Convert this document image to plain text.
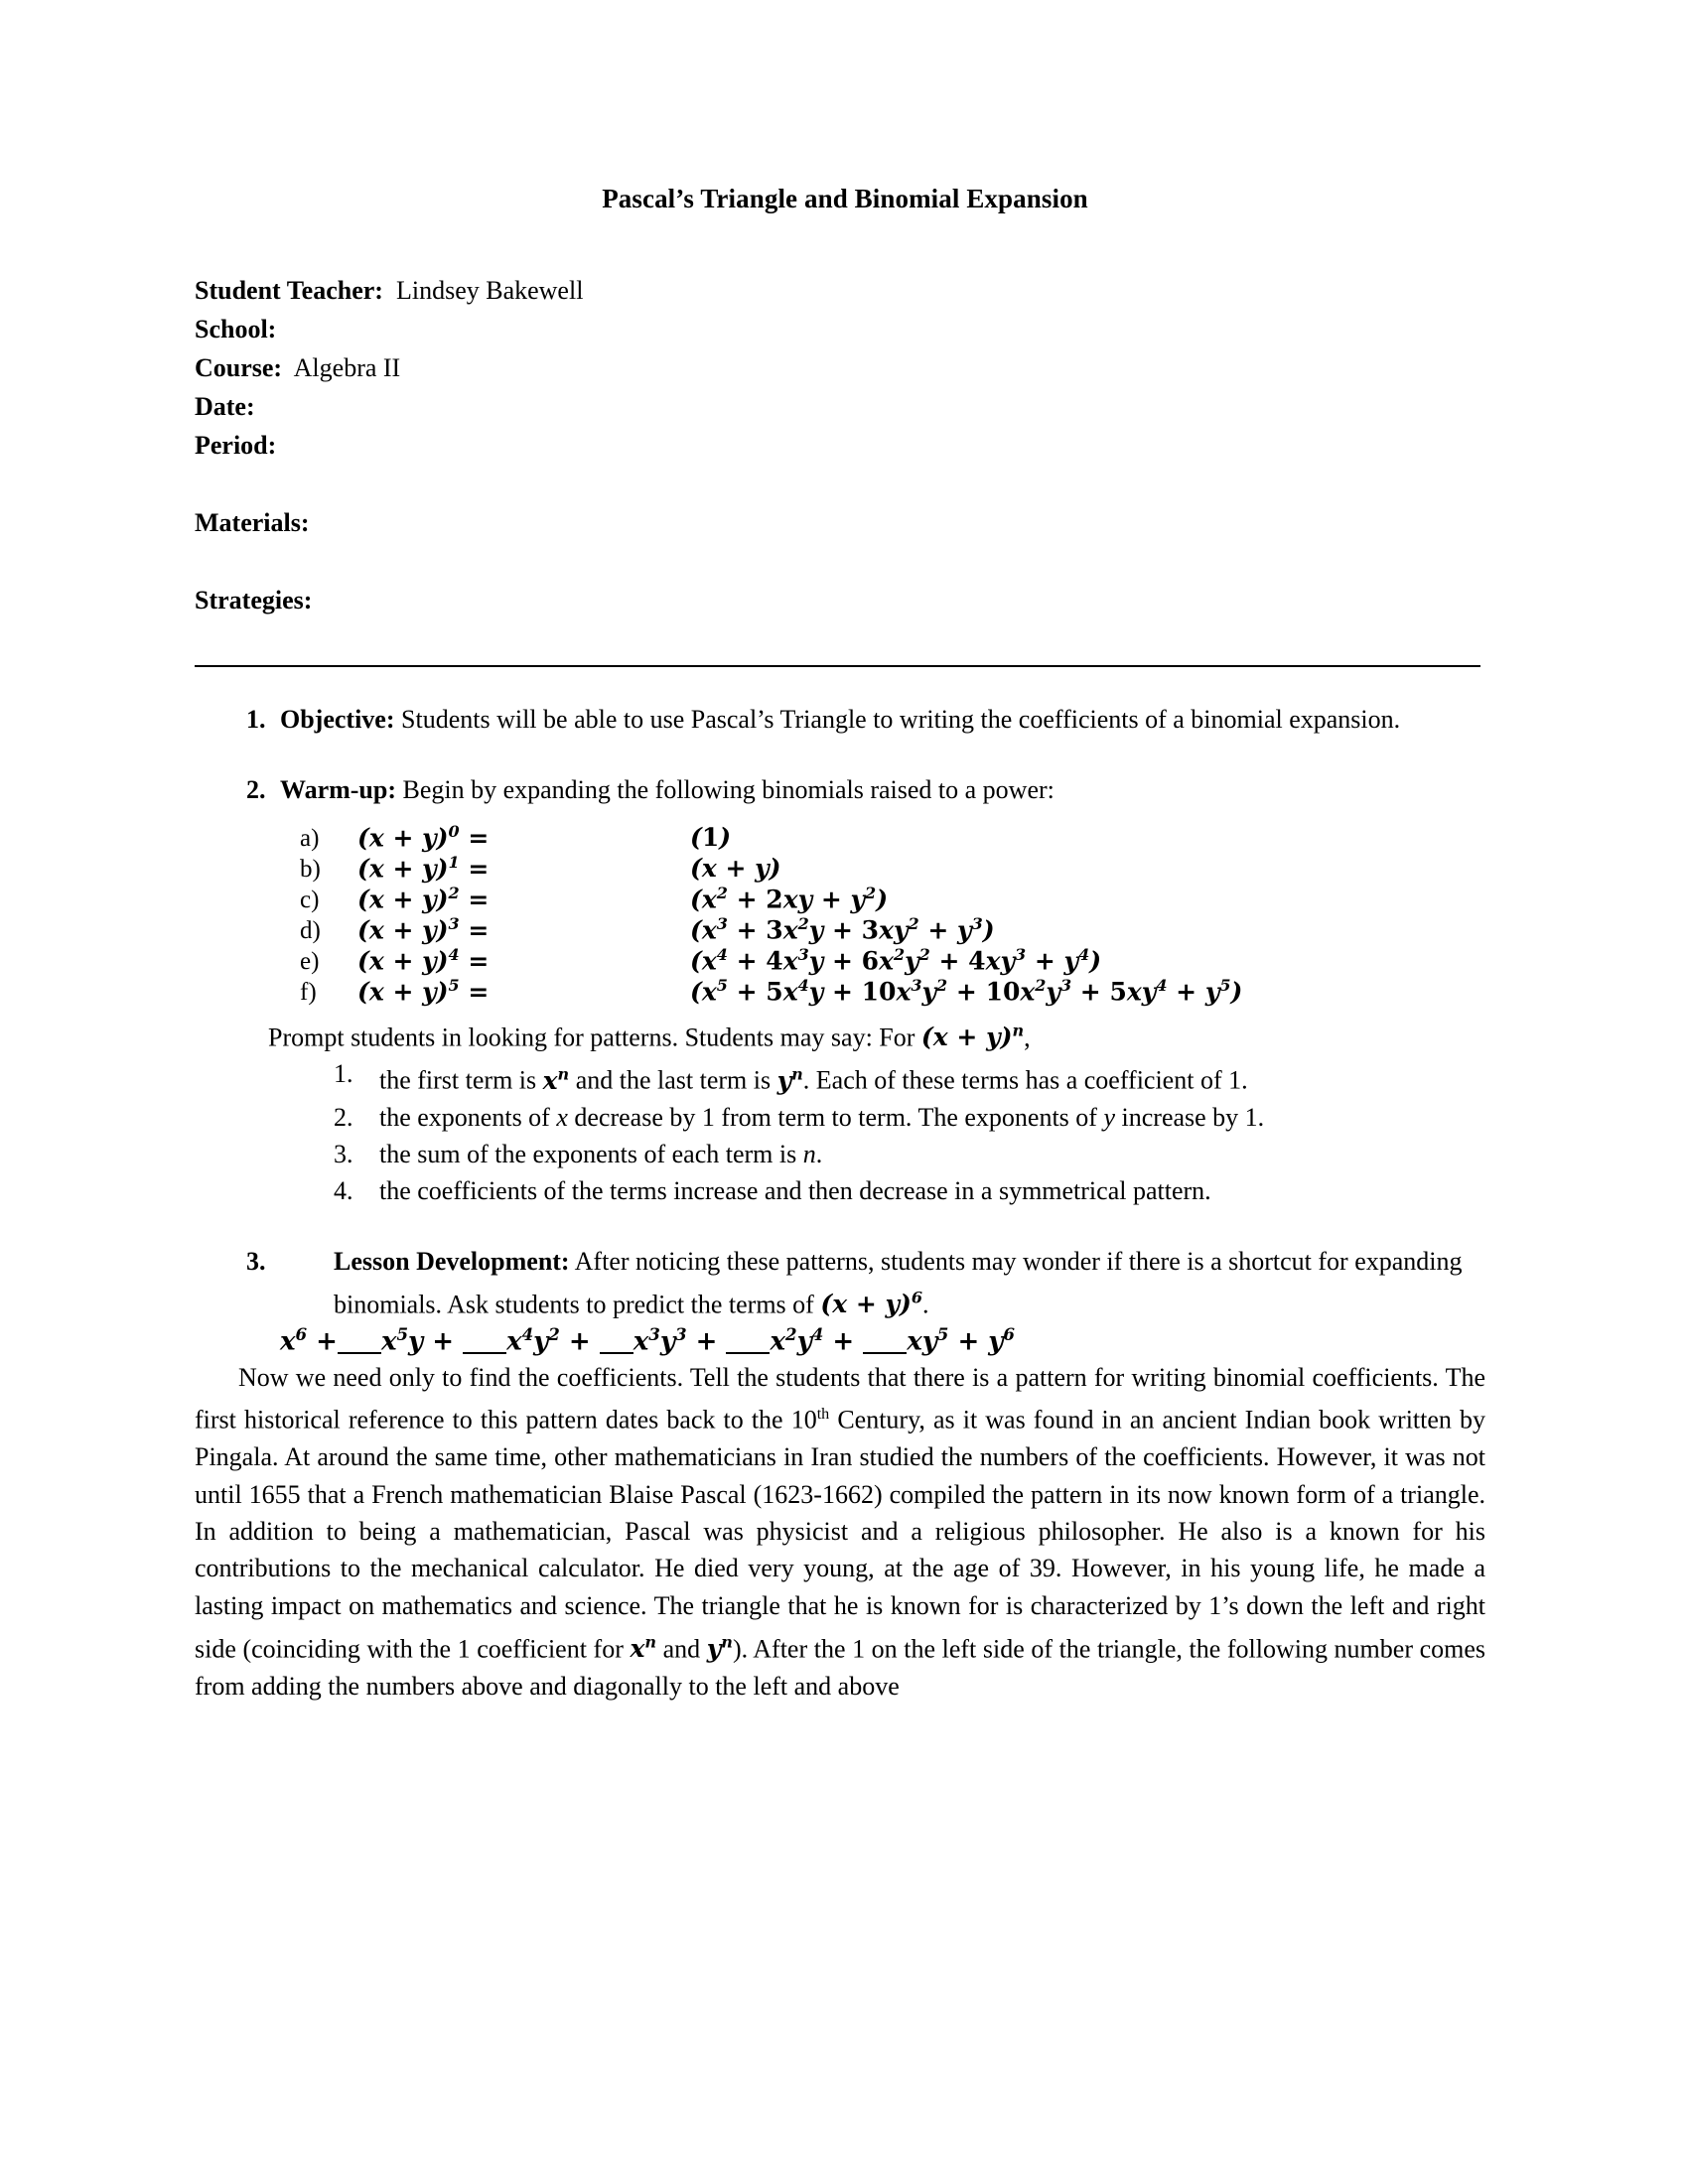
Pascal’s Triangle and Binomial Expansion
Student Teacher:  Lindsey Bakewell
School:
Course:  Algebra II
Date:
Period:
Materials:
Strategies:
1. Objective: Students will be able to use Pascal’s Triangle to writing the coefficients of a binomial expansion.
2. Warm-up: Begin by expanding the following binomials raised to a power:
a)	$(x + y)^0$ =	(1)
b)	$(x + y)^1$ =	(x + y)
c)	$(x + y)^2$ =	$(x^2 + 2xy + y^2)$
d)	$(x + y)^3$ =	$(x^3 + 3x^2y + 3xy^2 + y^3)$
e)	$(x + y)^4$ =	$(x^4 + 4x^3y + 6x^2y^2 + 4xy^3 + y^4)$
f)	$(x + y)^5$ =	$(x^5 + 5x^4y + 10x^3y^2 + 10x^2y^3 + 5xy^4 + y^5)$
Prompt students in looking for patterns. Students may say: For $(x + y)^n$,
1. the first term is $x^n$ and the last term is $y^n$. Each of these terms has a coefficient of 1.
2. the exponents of x decrease by 1 from term to term. The exponents of y increase by 1.
3. the sum of the exponents of each term is n.
4. the coefficients of the terms increase and then decrease in a symmetrical pattern.
3.	Lesson Development: After noticing these patterns, students may wonder if there is a shortcut for expanding binomials. Ask students to predict the terms of $(x + y)^6$.
$x^6 + x^5y + x^4y^2 + x^3y^3 + x^2y^4 + xy^5 + y^6$
Now we need only to find the coefficients. Tell the students that there is a pattern for writing binomial coefficients. The first historical reference to this pattern dates back to the 10th Century, as it was found in an ancient Indian book written by Pingala. At around the same time, other mathematicians in Iran studied the numbers of the coefficients. However, it was not until 1655 that a French mathematician Blaise Pascal (1623-1662) compiled the pattern in its now known form of a triangle. In addition to being a mathematician, Pascal was physicist and a religious philosopher. He also is a known for his contributions to the mechanical calculator. He died very young, at the age of 39. However, in his young life, he made a lasting impact on mathematics and science. The triangle that he is known for is characterized by 1’s down the left and right side (coinciding with the 1 coefficient for $x^n$ and $y^n$). After the 1 on the left side of the triangle, the following number comes from adding the numbers above and diagonally to the left and above
